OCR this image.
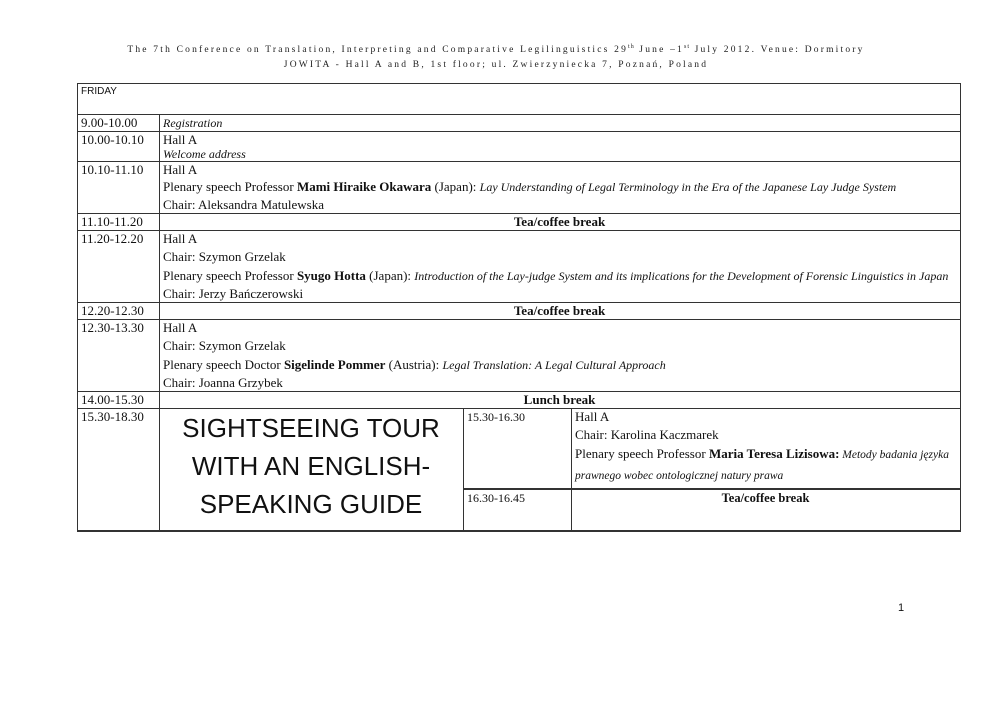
The 7th Conference on Translation, Interpreting and Comparative Legilinguistics 29th June –1st July 2012. Venue: Dormitory
JOWITA - Hall A and B, 1st floor; ul. Zwierzyniecka 7, Poznań, Poland
FRIDAY			
9.00-10.00	Registration		
10.00-10.10	Hall A
Welcome address		

10.10-11.10	Hall A
Plenary speech Professor Mami Hiraike Okawara (Japan): Lay Understanding of Legal Terminology in the Era of the Japanese Lay Judge System
Chair: Aleksandra Matulewska		

11.10-11.20	Tea/coffee break		
11.20-12.20	Hall A
Chair: Szymon Grzelak
Plenary speech Professor Syugo Hotta (Japan): Introduction of the Lay-judge System and its implications for the Development of Forensic Linguistics in Japan
Chair: Jerzy Bańczerowski		

12.20-12.30	Tea/coffee break		
12.30-13.30	Hall A
Chair: Szymon Grzelak
Plenary speech Doctor Sigelinde Pommer (Austria): Legal Translation: A Legal Cultural Approach
Chair: Joanna Grzybek		

14.00-15.30	Lunch break		
15.30-18.30	SIGHTSEEING TOUR WITH AN ENGLISH-SPEAKING GUIDE	15.30-16.30	Hall A
Chair: Karolina Kaczmarek
Plenary speech Professor Maria Teresa Lizisowa: Metody badania języka prawnego wobec ontologicznej natury prawa

		16.30-16.45	Tea/coffee break
1
